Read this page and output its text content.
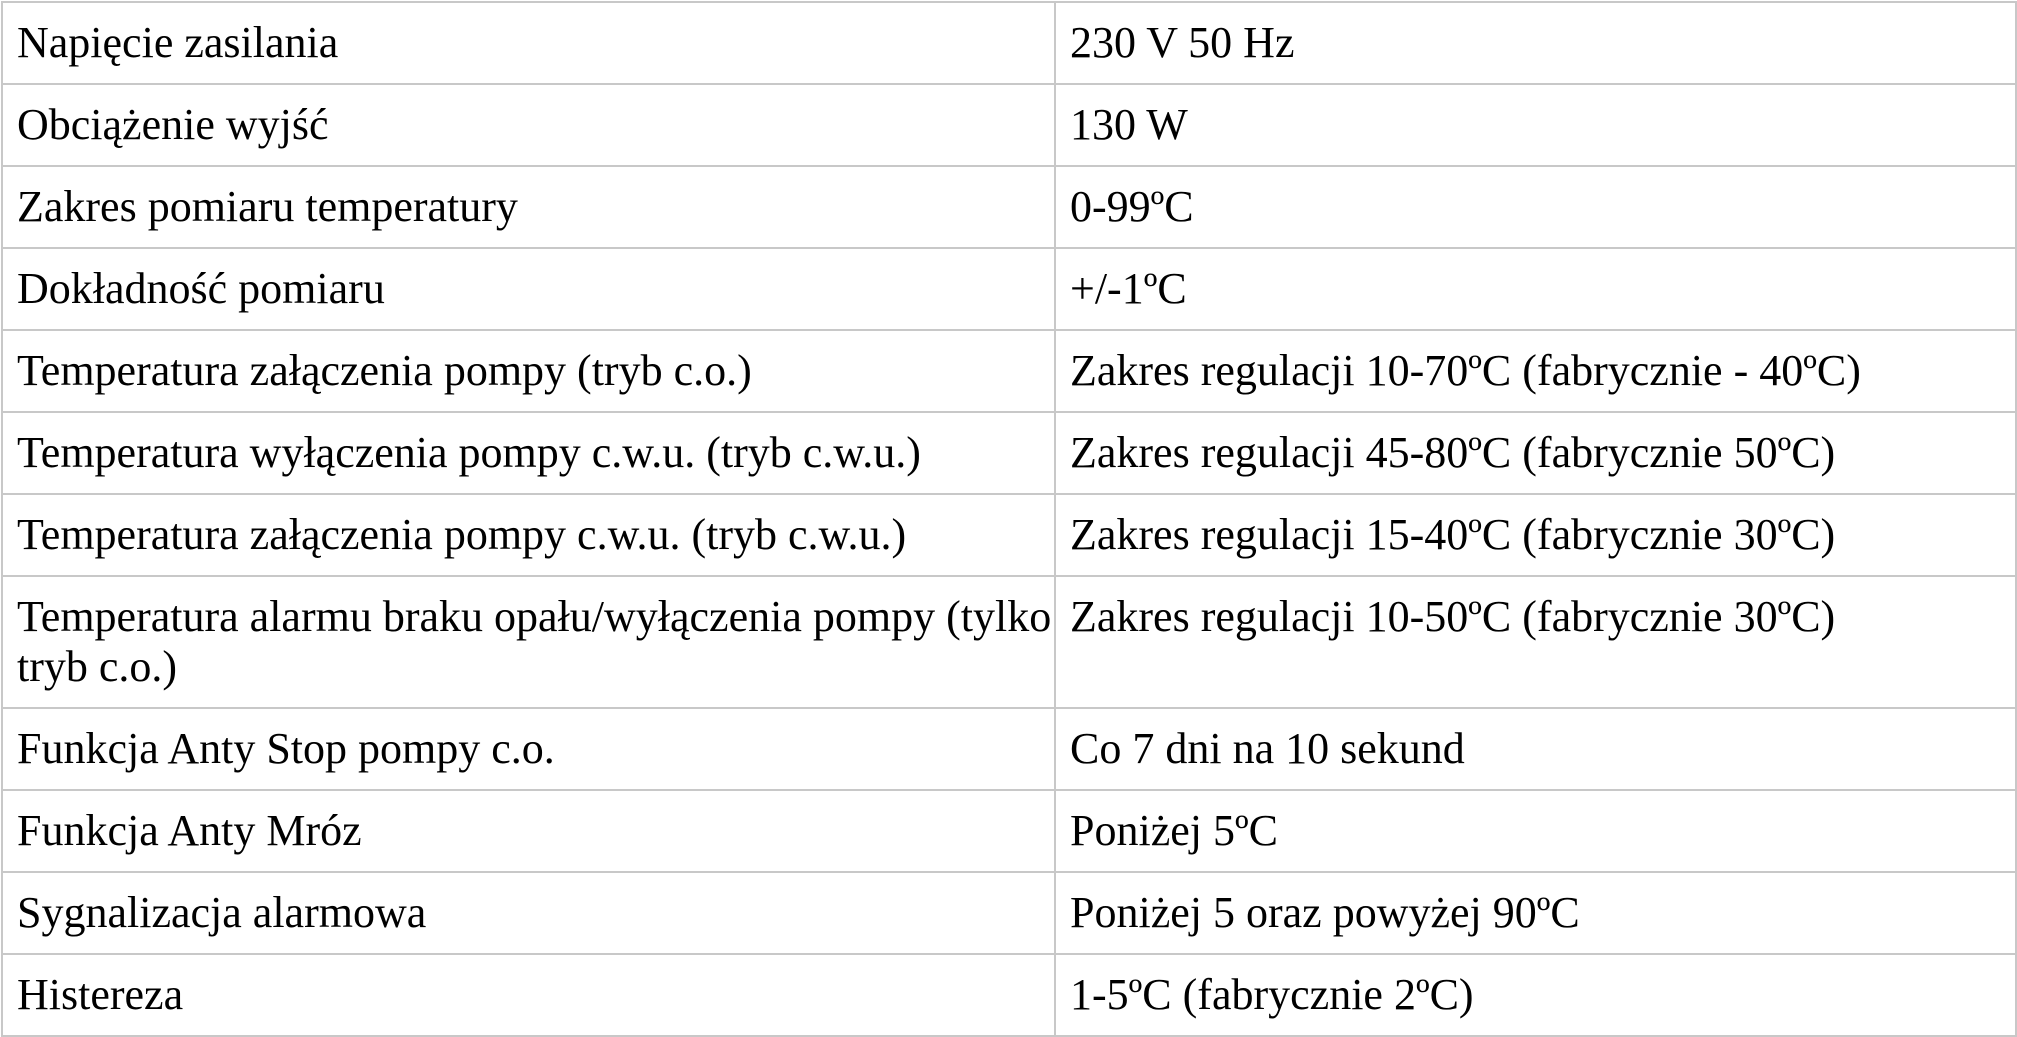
Napięcie zasilania	230 V 50 Hz
Obciążenie wyjść	130 W
Zakres pomiaru temperatury	0-99ºC
Dokładność pomiaru	+/-1ºC
Temperatura załączenia pompy (tryb c.o.)	Zakres regulacji 10-70ºC (fabrycznie - 40ºC)
Temperatura wyłączenia pompy c.w.u. (tryb c.w.u.)	Zakres regulacji 45-80ºC (fabrycznie 50ºC)
Temperatura załączenia pompy c.w.u. (tryb c.w.u.)	Zakres regulacji 15-40ºC (fabrycznie 30ºC)
Temperatura alarmu braku opału/wyłączenia pompy (tylko tryb c.o.)	Zakres regulacji 10-50ºC (fabrycznie 30ºC)
Funkcja Anty Stop pompy c.o.	Co 7 dni na 10 sekund
Funkcja Anty Mróz	Poniżej 5ºC
Sygnalizacja alarmowa	Poniżej 5 oraz powyżej 90ºC
Histereza	1-5ºC (fabrycznie 2ºC)
